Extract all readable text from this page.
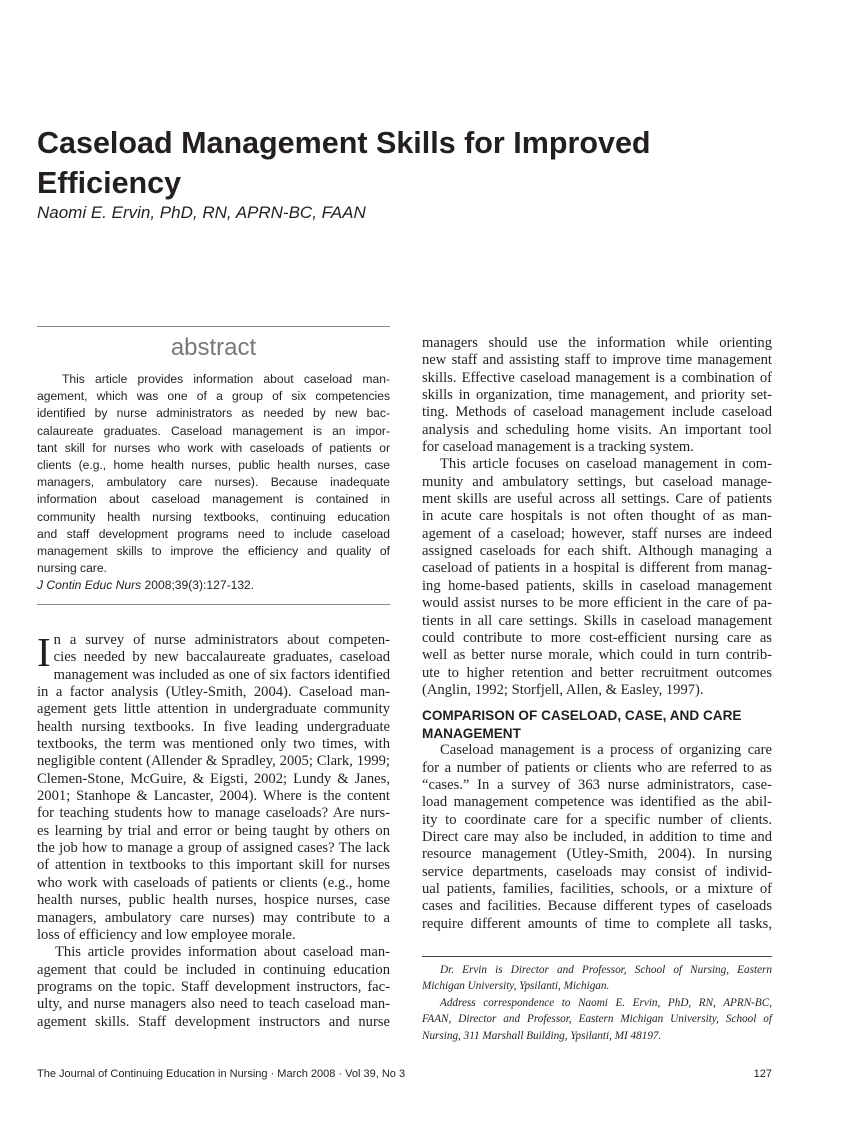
Caseload Management Skills for Improved
Efficiency
Naomi E. Ervin, PhD, RN, APRN-BC, FAAN
abstract
This article provides information about caseload man-
agement, which was one of a group of six competencies
identified by nurse administrators as needed by new bac-
calaureate graduates. Caseload management is an impor-
tant skill for nurses who work with caseloads of patients or
clients (e.g., home health nurses, public health nurses, case
managers, ambulatory care nurses). Because inadequate
information about caseload management is contained in
community health nursing textbooks, continuing education
and staff development programs need to include caseload
management skills to improve the efficiency and quality of
nursing care.
J Contin Educ Nurs 2008;39(3):127-132.
I n a survey of nurse administrators about competen-
cies needed by new baccalaureate graduates, caseload
management was included as one of six factors identified
in a factor analysis (Utley-Smith, 2004). Caseload man-
agement gets little attention in undergraduate community
health nursing textbooks. In five leading undergraduate
textbooks, the term was mentioned only two times, with
negligible content (Allender & Spradley, 2005; Clark, 1999;
Clemen-Stone, McGuire, & Eigsti, 2002; Lundy & Janes,
2001; Stanhope & Lancaster, 2004). Where is the content
for teaching students how to manage caseloads? Are nurs-
es learning by trial and error or being taught by others on
the job how to manage a group of assigned cases? The lack
of attention in textbooks to this important skill for nurses
who work with caseloads of patients or clients (e.g., home
health nurses, public health nurses, hospice nurses, case
managers, ambulatory care nurses) may contribute to a
loss of efficiency and low employee morale.
This article provides information about caseload man-
agement that could be included in continuing education
programs on the topic. Staff development instructors, fac-
ulty, and nurse managers also need to teach caseload man-
agement skills. Staff development instructors and nurse
managers should use the information while orienting
new staff and assisting staff to improve time management
skills. Effective caseload management is a combination of
skills in organization, time management, and priority set-
ting. Methods of caseload management include caseload
analysis and scheduling home visits. An important tool
for caseload management is a tracking system.
This article focuses on caseload management in com-
munity and ambulatory settings, but caseload manage-
ment skills are useful across all settings. Care of patients
in acute care hospitals is not often thought of as man-
agement of a caseload; however, staff nurses are indeed
assigned caseloads for each shift. Although managing a
caseload of patients in a hospital is different from manag-
ing home-based patients, skills in caseload management
would assist nurses to be more efficient in the care of pa-
tients in all care settings. Skills in caseload management
could contribute to more cost-efficient nursing care as
well as better nurse morale, which could in turn contrib-
ute to higher retention and better recruitment outcomes
(Anglin, 1992; Storfjell, Allen, & Easley, 1997).
COMPARISON OF CASELOAD, CASE, AND CARE
MANAGEMENT
Caseload management is a process of organizing care
for a number of patients or clients who are referred to as
“cases.” In a survey of 363 nurse administrators, case-
load management competence was identified as the abil-
ity to coordinate care for a specific number of clients.
Direct care may also be included, in addition to time and
resource management (Utley-Smith, 2004). In nursing
service departments, caseloads may consist of individ-
ual patients, families, facilities, schools, or a mixture of
cases and facilities. Because different types of caseloads
require different amounts of time to complete all tasks,
Dr. Ervin is Director and Professor, School of Nursing, Eastern
Michigan University, Ypsilanti, Michigan.
Address correspondence to Naomi E. Ervin, PhD, RN, APRN-BC,
FAAN, Director and Professor, Eastern Michigan University, School of
Nursing, 311 Marshall Building, Ypsilanti, MI 48197.
The Journal of Continuing Education in Nursing · March 2008 · Vol 39, No 3	127
